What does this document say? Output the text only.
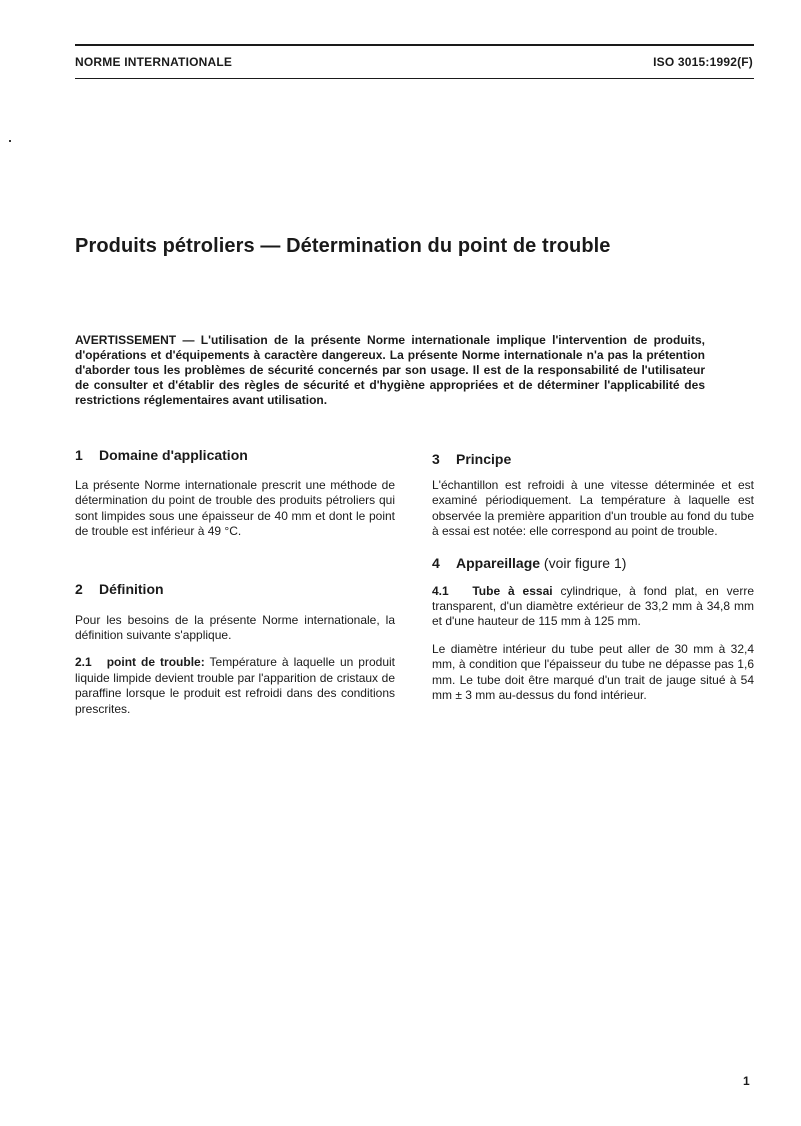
NORME INTERNATIONALE	ISO 3015:1992(F)
Produits pétroliers — Détermination du point de trouble

AVERTISSEMENT — L'utilisation de la présente Norme internationale implique l'intervention de produits, d'opérations et d'équipements à caractère dangereux. La présente Norme internationale n'a pas la prétention d'aborder tous les problèmes de sécurité concernés par son usage. Il est de la responsabilité de l'utilisateur de consulter et d'établir des règles de sécurité et d'hygiène appropriées et de déterminer l'applicabilité des restrictions réglementaires avant utilisation.

1 Domaine d'application

La présente Norme internationale prescrit une méthode de détermination du point de trouble des produits pétroliers qui sont limpides sous une épaisseur de 40 mm et dont le point de trouble est inférieur à 49 °C.

2 Définition

Pour les besoins de la présente Norme internationale, la définition suivante s'applique.

2.1 point de trouble: Température à laquelle un produit liquide limpide devient trouble par l'apparition de cristaux de paraffine lorsque le produit est refroidi dans des conditions prescrites.

3 Principe

L'échantillon est refroidi à une vitesse déterminée et est examiné périodiquement. La température à laquelle est observée la première apparition d'un trouble au fond du tube à essai est notée: elle correspond au point de trouble.

4 Appareillage (voir figure 1)

4.1 Tube à essai cylindrique, à fond plat, en verre transparent, d'un diamètre extérieur de 33,2 mm à 34,8 mm et d'une hauteur de 115 mm à 125 mm.

Le diamètre intérieur du tube peut aller de 30 mm à 32,4 mm, à condition que l'épaisseur du tube ne dépasse pas 1,6 mm. Le tube doit être marqué d'un trait de jauge situé à 54 mm ± 3 mm au-dessus du fond intérieur.

1
